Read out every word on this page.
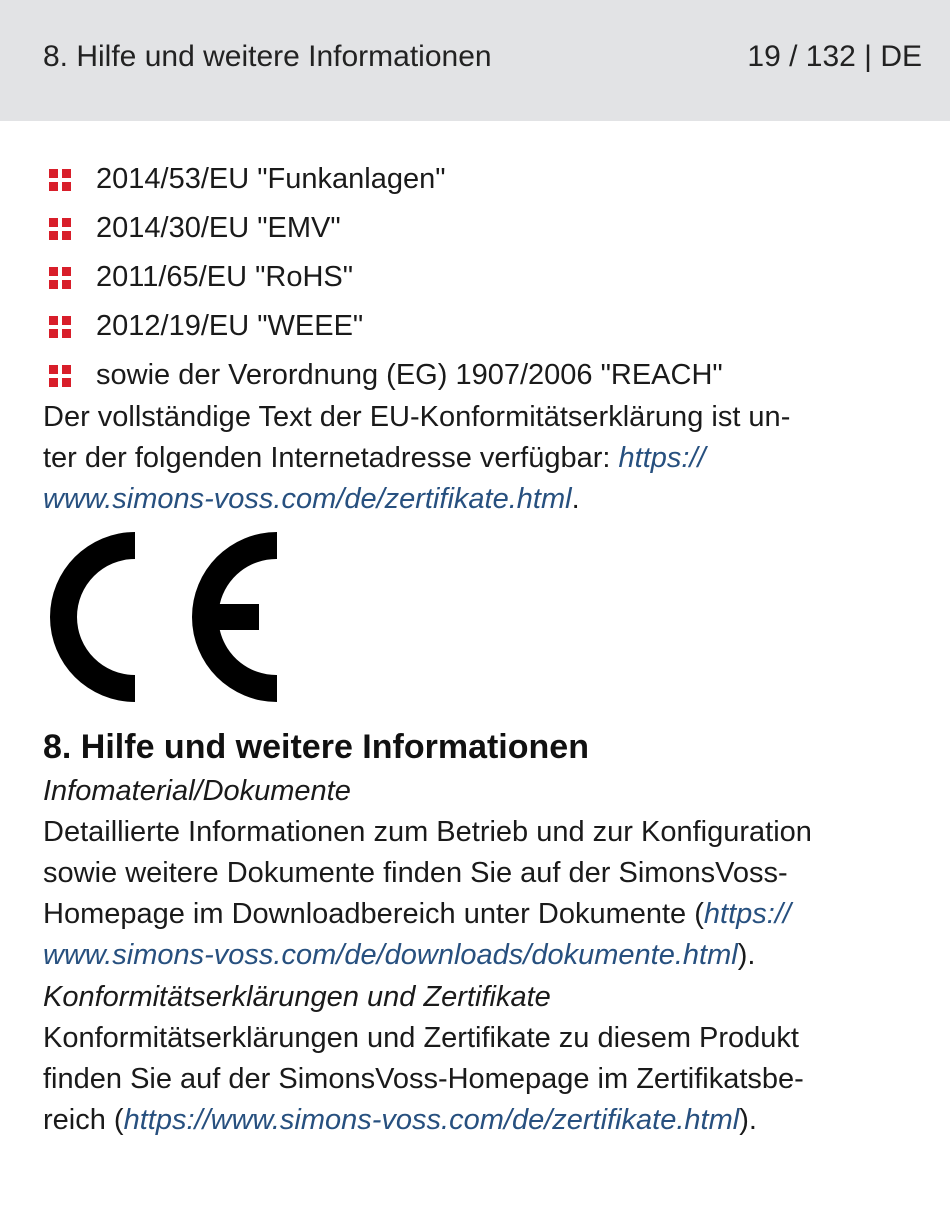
8. Hilfe und weitere Informationen	19 / 132 | DE
2014/53/EU "Funkanlagen"
2014/30/EU "EMV"
2011/65/EU "RoHS"
2012/19/EU "WEEE"
sowie der Verordnung (EG) 1907/2006 "REACH"

Der vollständige Text der EU-Konformitätserklärung ist un-
ter der folgenden Internetadresse verfügbar: https://
www.simons-voss.com/de/zertifikate.html.

8. Hilfe und weitere Informationen
Infomaterial/Dokumente

Detaillierte Informationen zum Betrieb und zur Konfiguration
sowie weitere Dokumente finden Sie auf der SimonsVoss-
Homepage im Downloadbereich unter Dokumente (https://
www.simons-voss.com/de/downloads/dokumente.html).

Konformitätserklärungen und Zertifikate

Konformitätserklärungen und Zertifikate zu diesem Produkt
finden Sie auf der SimonsVoss-Homepage im Zertifikatsbe-
reich (https://www.simons-voss.com/de/zertifikate.html).
